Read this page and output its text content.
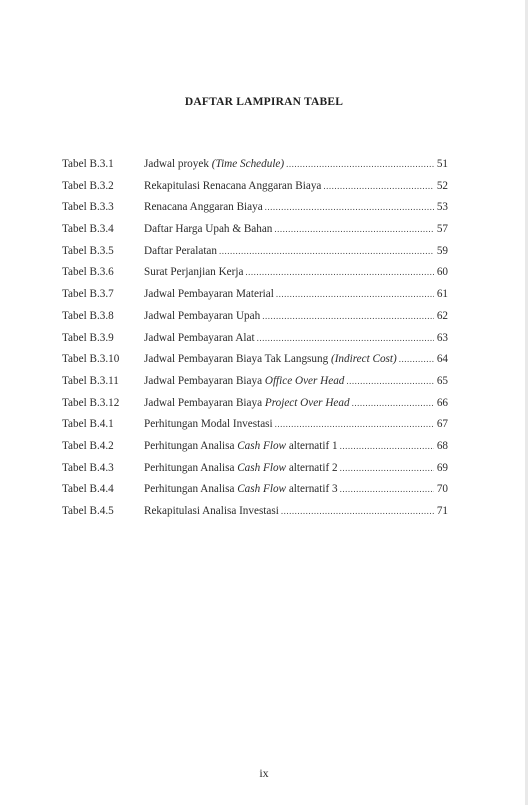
DAFTAR LAMPIRAN TABEL
Tabel B.3.1	Jadwal proyek (Time Schedule) .....	51
Tabel B.3.2	Rekapitulasi Renacana Anggaran Biaya .....	52
Tabel B.3.3	Renacana Anggaran Biaya .....	53
Tabel B.3.4	Daftar Harga Upah & Bahan .....	57
Tabel B.3.5	Daftar Peralatan .....	59
Tabel B.3.6	Surat Perjanjian Kerja .....	60
Tabel B.3.7	Jadwal Pembayaran Material .....	61
Tabel B.3.8	Jadwal Pembayaran Upah .....	62
Tabel B.3.9	Jadwal Pembayaran Alat .....	63
Tabel B.3.10	Jadwal Pembayaran Biaya Tak Langsung (Indirect Cost) .....	64
Tabel B.3.11	Jadwal Pembayaran Biaya Office Over Head .....	65
Tabel B.3.12	Jadwal Pembayaran Biaya Project Over Head .....	66
Tabel B.4.1	Perhitungan Modal Investasi .....	67
Tabel B.4.2	Perhitungan Analisa Cash Flow alternatif 1 .....	68
Tabel B.4.3	Perhitungan Analisa Cash Flow alternatif 2 .....	69
Tabel B.4.4	Perhitungan Analisa Cash Flow alternatif 3 .....	70
Tabel B.4.5	Rekapitulasi Analisa Investasi .....	71
ix
